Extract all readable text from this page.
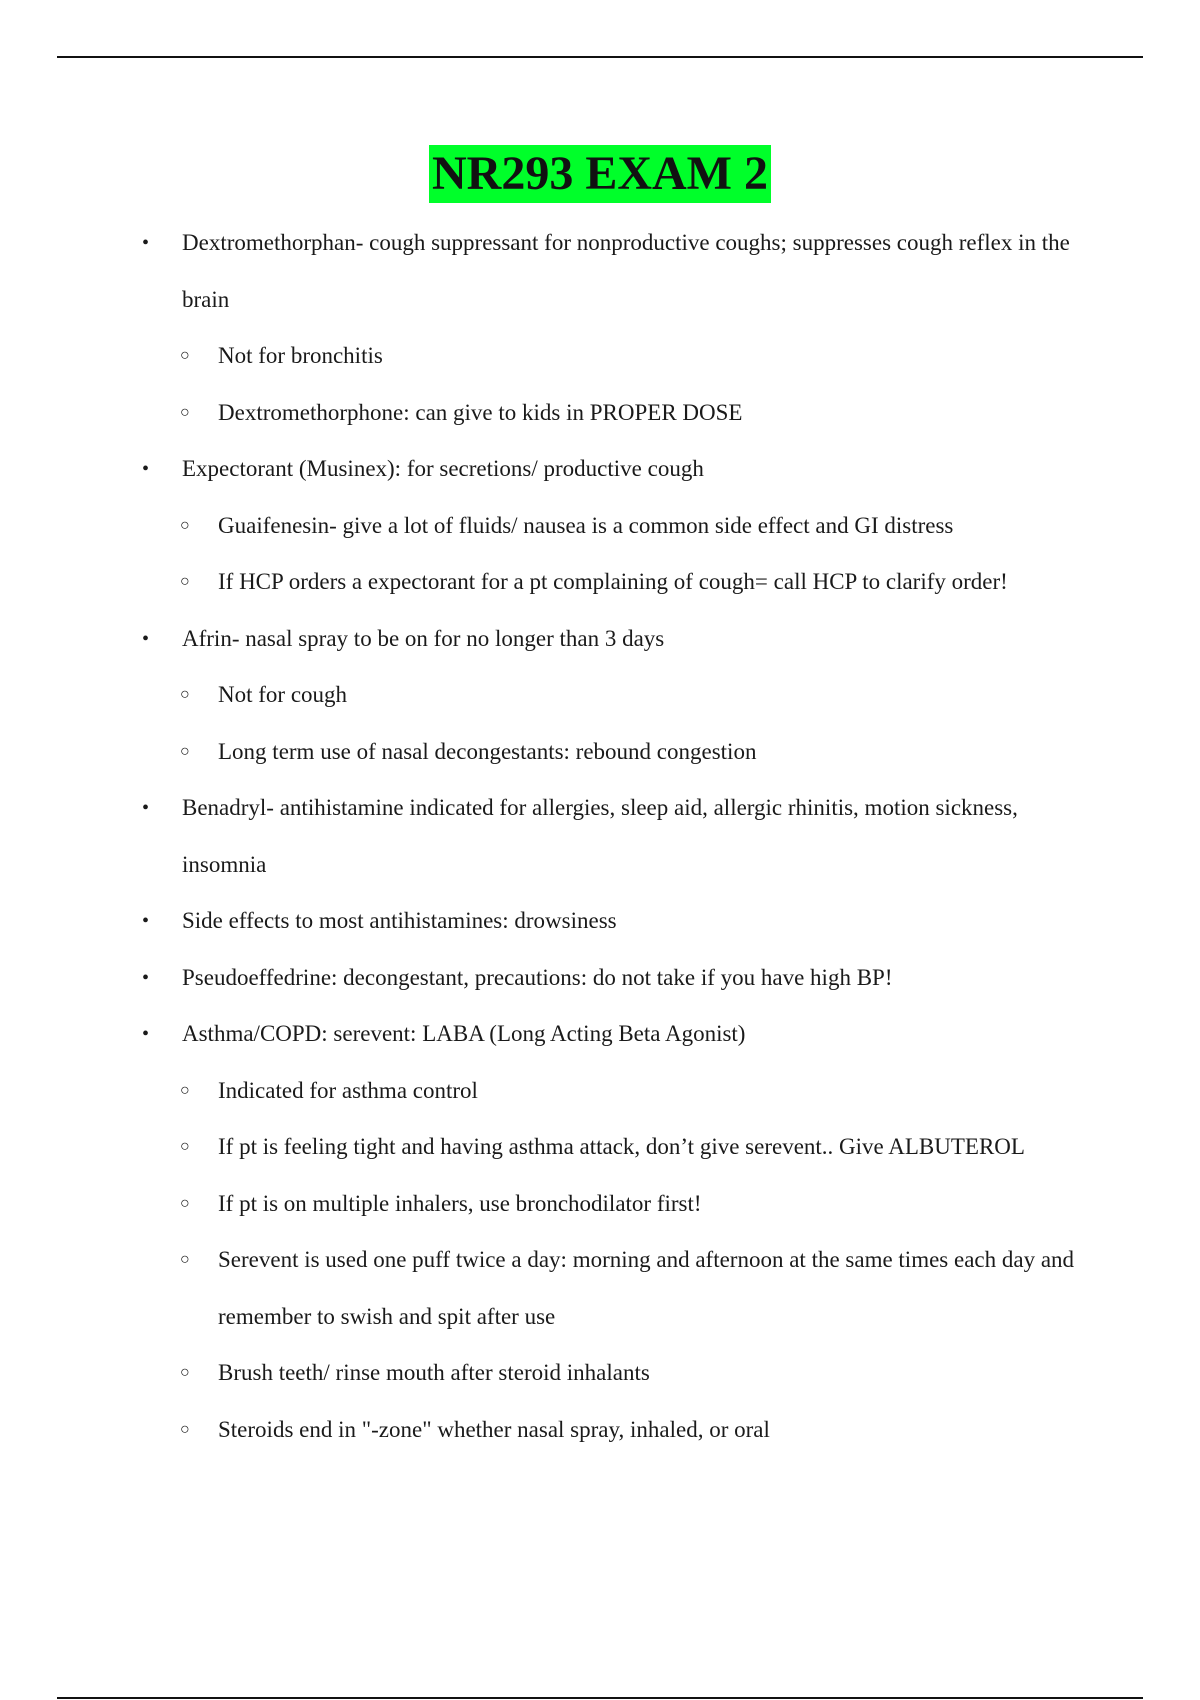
NR293 EXAM 2
• Dextromethorphan- cough suppressant for nonproductive coughs; suppresses cough reflex in the brain
○ Not for bronchitis
○ Dextromethorphone: can give to kids in PROPER DOSE
• Expectorant (Musinex): for secretions/ productive cough
○ Guaifenesin- give a lot of fluids/ nausea is a common side effect and GI distress
○ If HCP orders a expectorant for a pt complaining of cough= call HCP to clarify order!
• Afrin- nasal spray to be on for no longer than 3 days
○ Not for cough
○ Long term use of nasal decongestants: rebound congestion
• Benadryl- antihistamine indicated for allergies, sleep aid, allergic rhinitis, motion sickness, insomnia
• Side effects to most antihistamines: drowsiness
• Pseudoeffedrine: decongestant, precautions: do not take if you have high BP!
• Asthma/COPD: serevent: LABA (Long Acting Beta Agonist)
○ Indicated for asthma control
○ If pt is feeling tight and having asthma attack, don’t give serevent.. Give ALBUTEROL
○ If pt is on multiple inhalers, use bronchodilator first!
○ Serevent is used one puff twice a day: morning and afternoon at the same times each day and remember to swish and spit after use
○ Brush teeth/ rinse mouth after steroid inhalants
○ Steroids end in "-zone" whether nasal spray, inhaled, or oral
